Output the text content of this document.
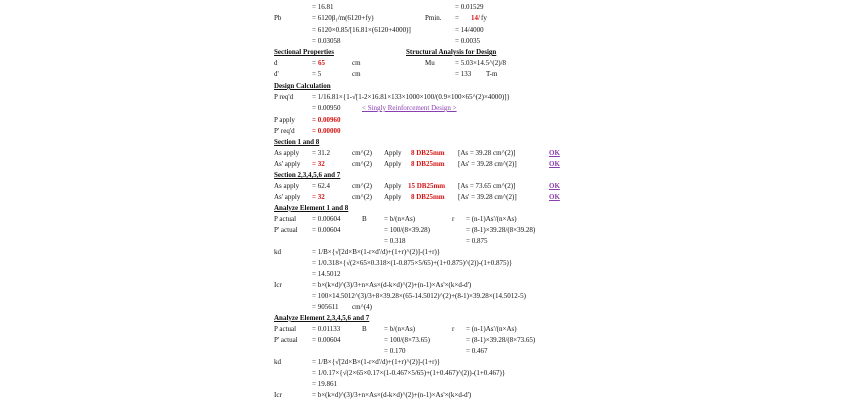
= 16.81	= 0.01529
Pb	= 6120β₁/m(6120+fy)	Pmin. = 14/ fy
= 6120×0.85/[16.81×(6120+4000)]	= 14/4000
= 0.03058	= 0.0035
Sectional Properties	Structural Analysis for Design
d	= 65	cm	Mu	= 5.03×14.5^(2)/8
d'	= 5	cm	= 133 T-m
Design Calculation
P req'd	= 1/16.81×{1-√[1-2×16.81×133×1000×100/(0.9×100×65^(2)×4000)]}
= 0.00950	< Singly Reinforcement Design >
P apply = 0.00960
P' req'd = 0.00000
Section 1 and 8
As apply = 31.2	cm^(2) Apply 8 DB25mm [As = 39.28 cm^(2)]	OK
As' apply = 32	cm^(2) Apply 8 DB25mm [As' = 39.28 cm^(2)]	OK
Section 2,3,4,5,6 and 7
As apply = 62.4	cm^(2) Apply 15 DB25mm [As = 73.65 cm^(2)]	OK
As' apply = 32	cm^(2) Apply 8 DB25mm [As' = 39.28 cm^(2)]	OK
Analyze Element 1 and 8
P actual = 0.00604	B = b/(n×As)	r = (n-1)As'/(n×As)
P' actual = 0.00604	= 100/(8×39.28)	= (8-1)×39.28/(8×39.28)
= 0.318	= 0.875
kd	= 1/B×{√[2d×B×(1-r×d'/d)+(1+r)^(2)]-(1+r)}
= 1/0.318×{√(2×65×0.318×(1-0.875×5/65)+(1+0.875)^(2))-(1+0.875)}
= 14.5012
Icr	= b×(k×d)^(3)/3+n×As×(d-k×d)^(2)+(n-1)×As'×(k×d-d')
= 100×14.5012^(3)/3+8×39.28×(65-14.5012)^(2)+(8-1)×39.28×(14.5012-5)
= 905611 cm^(4)
Analyze Element 2,3,4,5,6 and 7
P actual = 0.01133	B = b/(n×As)	r = (n-1)As'/(n×As)
P' actual = 0.00604	= 100/(8×73.65)	= (8-1)×39.28/(8×73.65)
= 0.170	= 0.467
kd	= 1/B×{√[2d×B×(1-r×d'/d)+(1+r)^(2)]-(1+r)}
= 1/0.17×{√(2×65×0.17×(1-0.467×5/65)+(1+0.467)^(2))-(1+0.467)}
= 19.861
Icr	= b×(k×d)^(3)/3+n×As×(d-k×d)^(2)+(n-1)×As'×(k×d-d')
